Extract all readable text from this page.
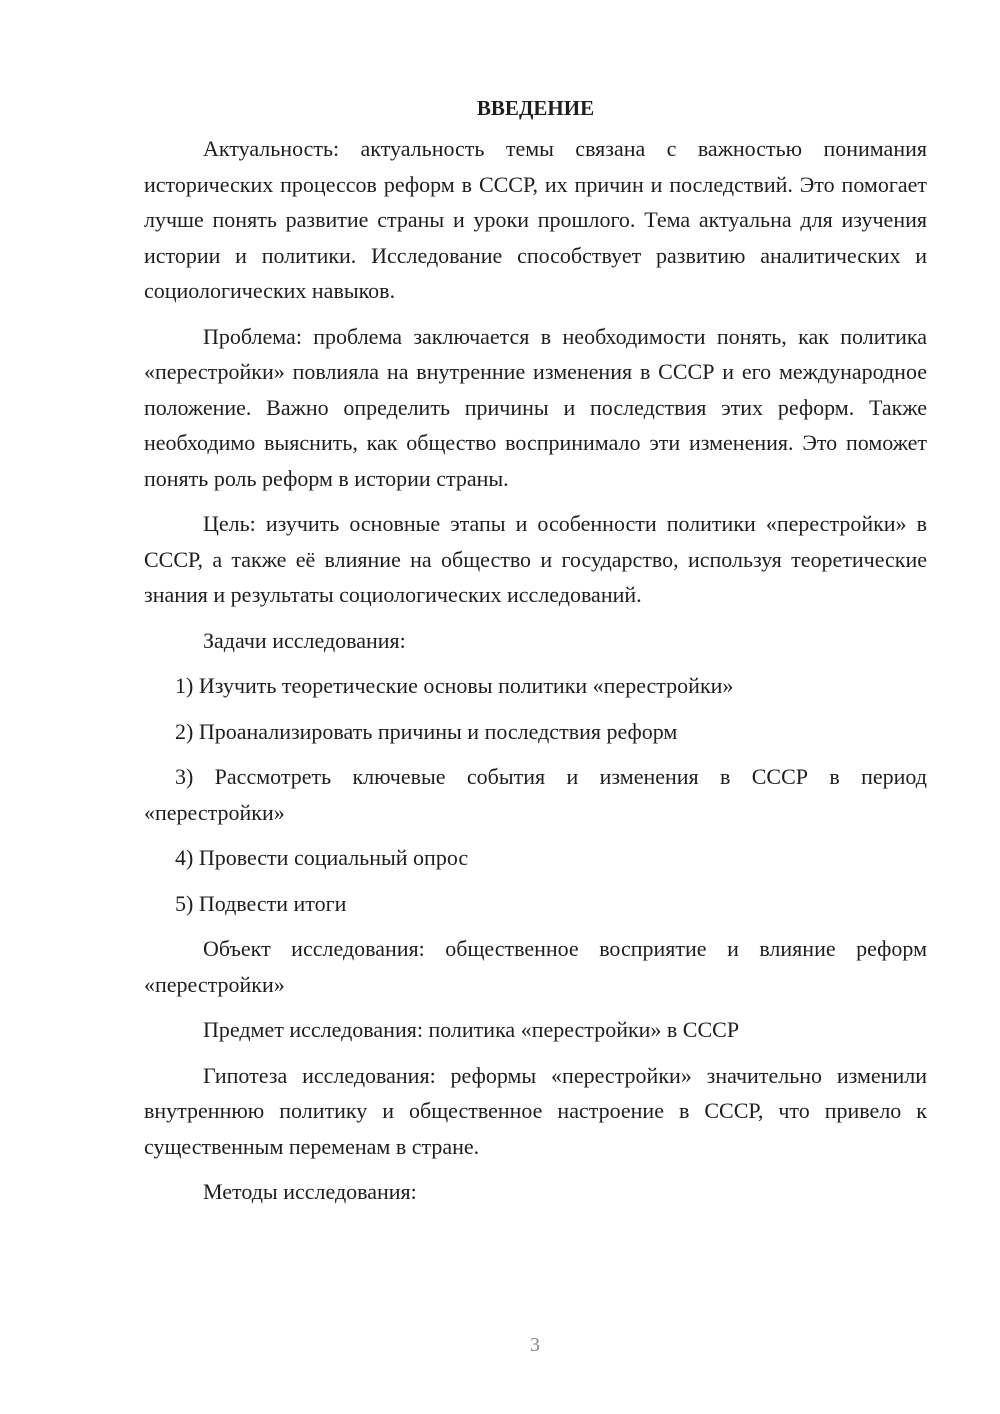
ВВЕДЕНИЕ

Актуальность: актуальность темы связана с важностью понимания исторических процессов реформ в СССР, их причин и последствий. Это помогает лучше понять развитие страны и уроки прошлого. Тема актуальна для изучения истории и политики. Исследование способствует развитию аналитических и социологических навыков.

Проблема: проблема заключается в необходимости понять, как политика «перестройки» повлияла на внутренние изменения в СССР и его международное положение. Важно определить причины и последствия этих реформ. Также необходимо выяснить, как общество воспринимало эти изменения. Это поможет понять роль реформ в истории страны.

Цель: изучить основные этапы и особенности политики «перестройки» в СССР, а также её влияние на общество и государство, используя теоретические знания и результаты социологических исследований.

Задачи исследования:

1) Изучить теоретические основы политики «перестройки»

2) Проанализировать причины и последствия реформ

3) Рассмотреть ключевые события и изменения в СССР в период «перестройки»

4) Провести социальный опрос

5) Подвести итоги

Объект исследования: общественное восприятие и влияние реформ «перестройки»

Предмет исследования: политика «перестройки» в СССР

Гипотеза исследования: реформы «перестройки» значительно изменили внутреннюю политику и общественное настроение в СССР, что привело к существенным переменам в стране.

Методы исследования:

3
